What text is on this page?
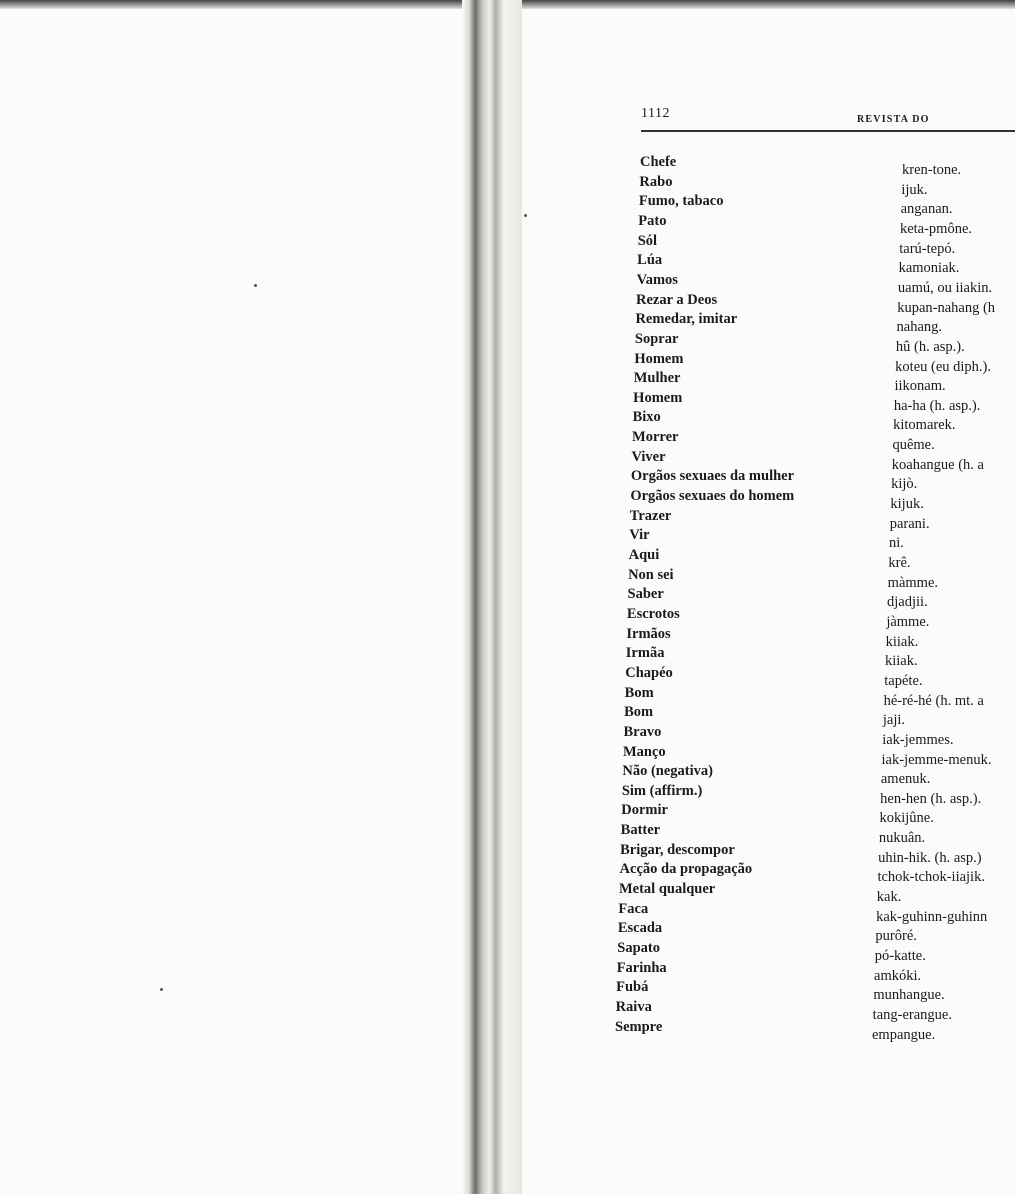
1112	REVISTA DO
Chefe	kren-tone.
Rabo	ijuk.
Fumo, tabaco	anganan.
Pato	keta-pmône.
Sól	tarú-tepó.
Lúa	kamoniak.
Vamos	uamú, ou iiakin.
Rezar a Deos	kupan-nahang (h
Remedar, imitar	nahang.
Soprar	hû (h. asp.).
Homem	koteu (eu diph.).
Mulher	iikonam.
Homem	ha-ha (h. asp.).
Bixo	kitomarek.
Morrer	quême.
Viver	koahangue (h. a
Orgãos sexuaes da mulher	kijò.
Orgãos sexuaes do homem	kijuk.
Trazer	parani.
Vir	ni.
Aqui	krê.
Non sei	màmme.
Saber	djadjii.
Escrotos	jàmme.
Irmãos	kiiak.
Irmãa	kiiak.
Chapéo	tapéte.
Bom	hé-ré-hé (h. mt. a
Bom	jaji.
Bravo	iak-jemmes.
Manço	iak-jemme-menuk.
Não (negativa)	amenuk.
Sim (affirm.)	hen-hen (h. asp.).
Dormir	kokijûne.
Batter	nukuân.
Brigar, descompor	uhin-hik. (h. asp.)
Acção da propagação	tchok-tchok-iiajik.
Metal qualquer	kak.
Faca	kak-guhinn-guhinn
Escada	purôré.
Sapato	pó-katte.
Farinha	amkóki.
Fubá	munhangue.
Raiva	tang-erangue.
Sempre	empangue.
